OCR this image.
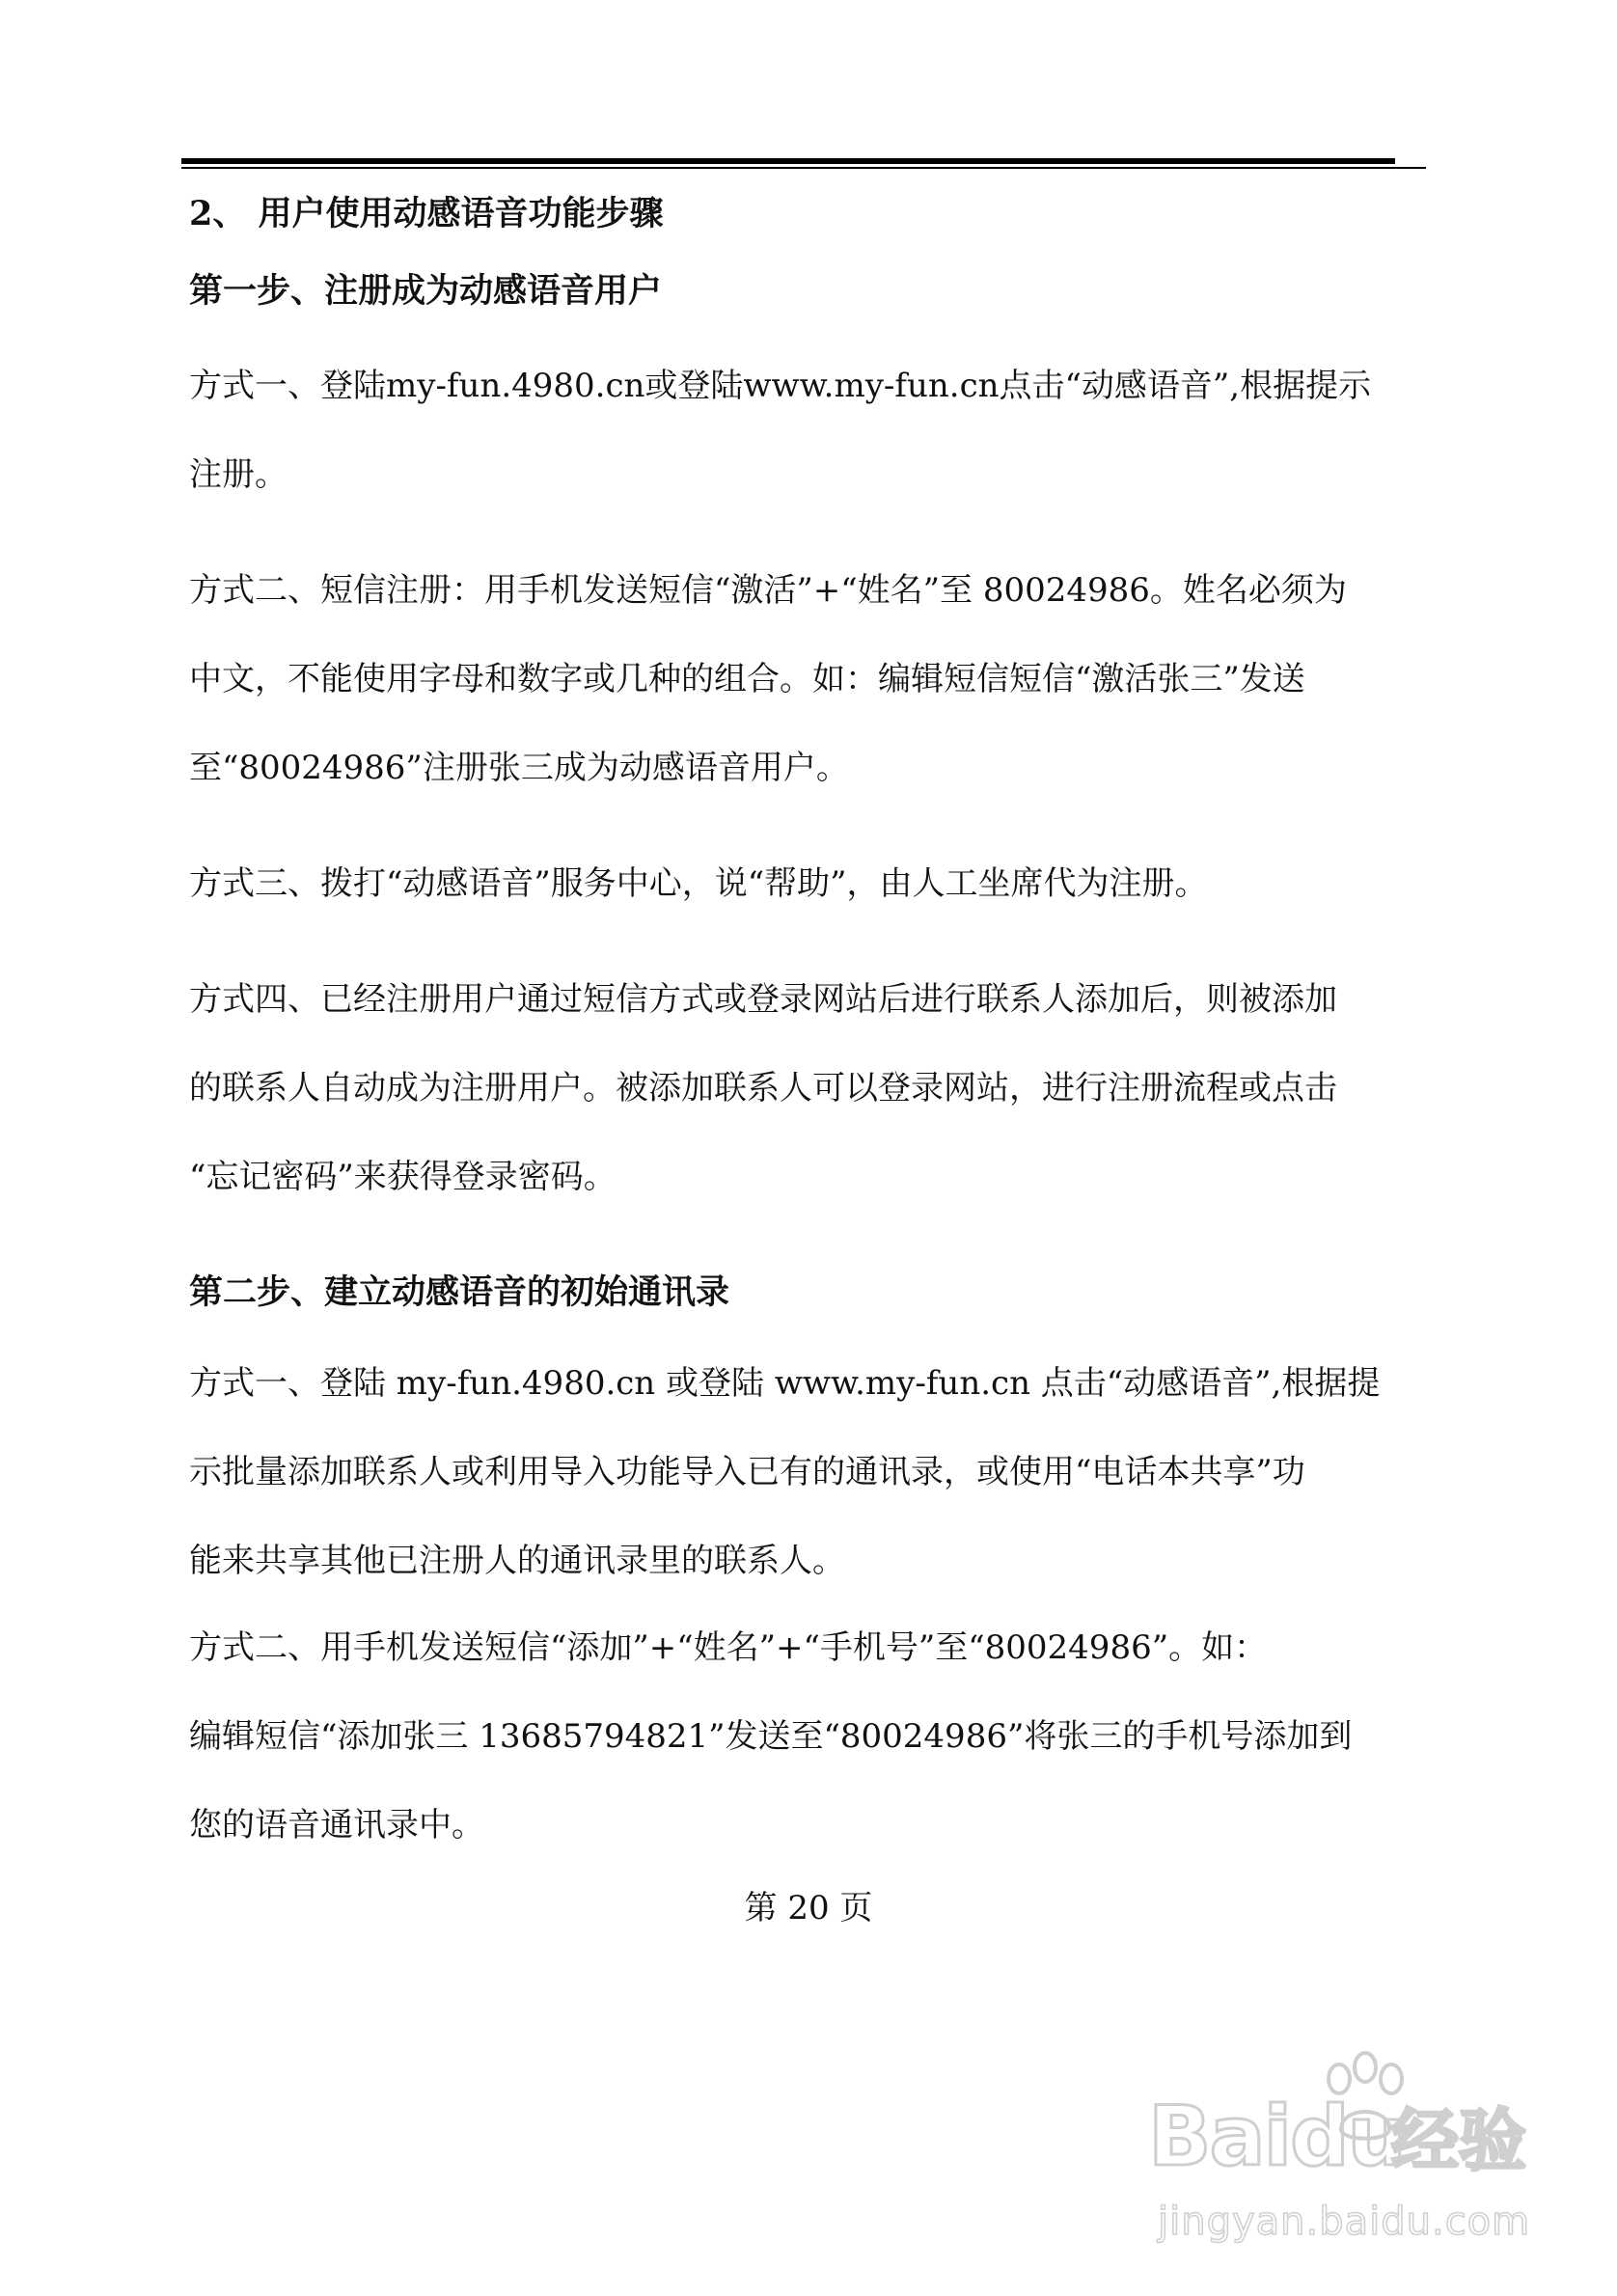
2、 用户使用动感语音功能步骤
第一步、注册成为动感语音用户
方式一、登陆my-fun.4980.cn或登陆www.my-fun.cn点击“动感语音”,根据提示
注册。
方式二、短信注册：用手机发送短信“激活”+“姓名”至 80024986。姓名必须为
中文，不能使用字母和数字或几种的组合。如：编辑短信短信“激活张三”发送
至“80024986”注册张三成为动感语音用户。
方式三、拨打“动感语音”服务中心，说“帮助”，由人工坐席代为注册。
方式四、已经注册用户通过短信方式或登录网站后进行联系人添加后，则被添加
的联系人自动成为注册用户。被添加联系人可以登录网站，进行注册流程或点击
“忘记密码”来获得登录密码。
第二步、建立动感语音的初始通讯录
方式一、登陆 my-fun.4980.cn 或登陆 www.my-fun.cn 点击“动感语音”,根据提
示批量添加联系人或利用导入功能导入已有的通讯录，或使用“电话本共享”功
能来共享其他已注册人的通讯录里的联系人。
方式二、用手机发送短信“添加”+“姓名”+“手机号”至“80024986”。如：
编辑短信“添加张三 13685794821”发送至“80024986”将张三的手机号添加到
您的语音通讯录中。
第 20 页
Baidu
经验
jingyan.baidu.com
